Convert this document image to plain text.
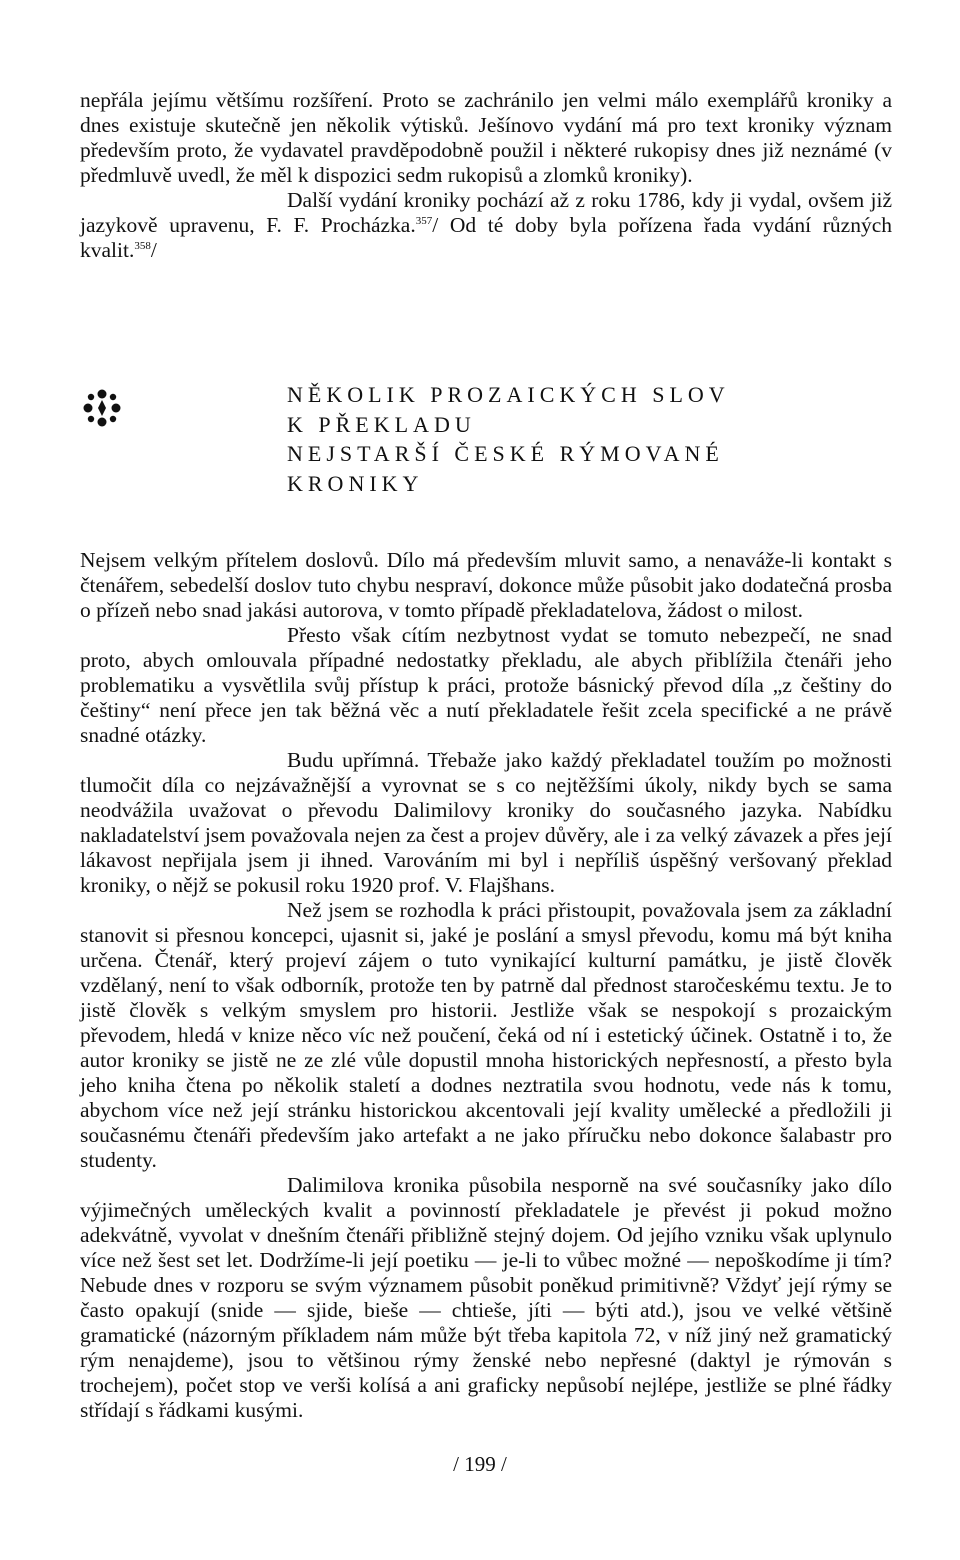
nepřála jejímu většímu rozšíření. Proto se zachránilo jen velmi málo exemplářů kroniky a dnes existuje skutečně jen několik výtisků. Ješínovo vydání má pro text kroniky význam především proto, že vydavatel pravděpodobně použil i některé rukopisy dnes již neznámé (v předmluvě uvedl, že měl k dispozici sedm rukopisů a zlomků kroniky).

Další vydání kroniky pochází až z roku 1786, kdy ji vydal, ovšem již jazykově upravenu, F. F. Procházka.$^{357}$/ Od té doby byla pořízena řada vydání různých kvalit.$^{358}$/

NĚKOLIK PROZAICKÝCH SLOV
K PŘEKLADU
NEJSTARŠÍ ČESKÉ RÝMOVANÉ
KRONIKY

Nejsem velkým přítelem doslovů. Dílo má především mluvit samo, a nenaváže-li kontakt s čtenářem, sebedelší doslov tuto chybu nespraví, dokonce může působit jako dodatečná prosba o přízeň nebo snad jakási autorova, v tomto případě překladatelova, žádost o milost.

Přesto však cítím nezbytnost vydat se tomuto nebezpečí, ne snad proto, abych omlouvala případné nedostatky překladu, ale abych přiblížila čtenáři jeho problematiku a vysvětlila svůj přístup k práci, protože básnický převod díla „z češtiny do češtiny“ není přece jen tak běžná věc a nutí překladatele řešit zcela specifické a ne právě snadné otázky.

Budu upřímná. Třebaže jako každý překladatel toužím po možnosti tlumočit díla co nejzávažnější a vyrovnat se s co nejtěžšími úkoly, nikdy bych se sama neodvážila uvažovat o převodu Dalimilovy kroniky do současného jazyka. Nabídku nakladatelství jsem považovala nejen za čest a projev důvěry, ale i za velký závazek a přes její lákavost nepřijala jsem ji ihned. Varováním mi byl i nepříliš úspěšný veršovaný překlad kroniky, o nějž se pokusil roku 1920 prof. V. Flajšhans.

Než jsem se rozhodla k práci přistoupit, považovala jsem za základní stanovit si přesnou koncepci, ujasnit si, jaké je poslání a smysl převodu, komu má být kniha určena. Čtenář, který projeví zájem o tuto vynikající kulturní památku, je jistě člověk vzdělaný, není to však odborník, protože ten by patrně dal přednost staročeskému textu. Je to jistě člověk s velkým smyslem pro historii. Jestliže však se nespokojí s prozaickým převodem, hledá v knize něco víc než poučení, čeká od ní i estetický účinek. Ostatně i to, že autor kroniky se jistě ne ze zlé vůle dopustil mnoha historických nepřesností, a přesto byla jeho kniha čtena po několik staletí a dodnes neztratila svou hodnotu, vede nás k tomu, abychom více než její stránku historickou akcentovali její kvality umělecké a předložili ji současnému čtenáři především jako artefakt a ne jako příručku nebo dokonce šalabastr pro studenty.

Dalimilova kronika působila nesporně na své současníky jako dílo výjimečných uměleckých kvalit a povinností překladatele je převést ji pokud možno adekvátně, vyvolat v dnešním čtenáři přibližně stejný dojem. Od jejího vzniku však uplynulo více než šest set let. Dodržíme-li její poetiku — je-li to vůbec možné — nepoškodíme ji tím? Nebude dnes v rozporu se svým významem působit poněkud primitivně? Vždyť její rýmy se často opakují (snide — sjide, bieše — chtieše, jíti — býti atd.), jsou ve velké většině gramatické (názorným příkladem nám může být třeba kapitola 72, v níž jiný než gramatický rým nenajdeme), jsou to většinou rýmy ženské nebo nepřesné (daktyl je rýmován s trochejem), počet stop ve verši kolísá a ani graficky nepůsobí nejlépe, jestliže se plné řádky střídají s řádkami kusými.

/ 199 /
